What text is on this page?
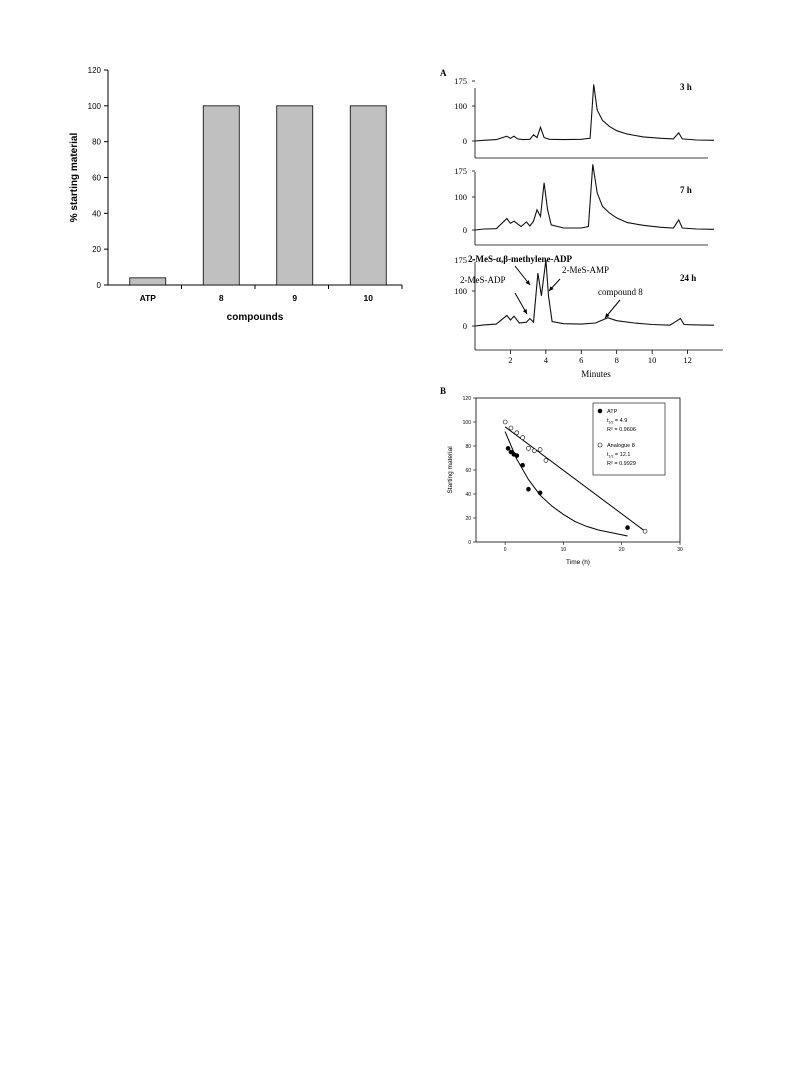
0
20
40
60
80
100
120
ATP	8	9	10
compounds
% starting material
A
0
100
175
3 h
0
100
175
7 h
0
100
175
24 h
2	4	6	8	10	12
Minutes
2-MeS-α,β-methylene-ADP
2-MeS-ADP
2-MeS-AMP
compound 8
B
0
20
40
60
80
100
120
0	10	20	30
Time (h)
Starting material
ATP
$t_{1/2} = 4.9$
R² = 0.9606
Analogue 8
$t_{1/2} = 12.1$
R² = 0.9929
